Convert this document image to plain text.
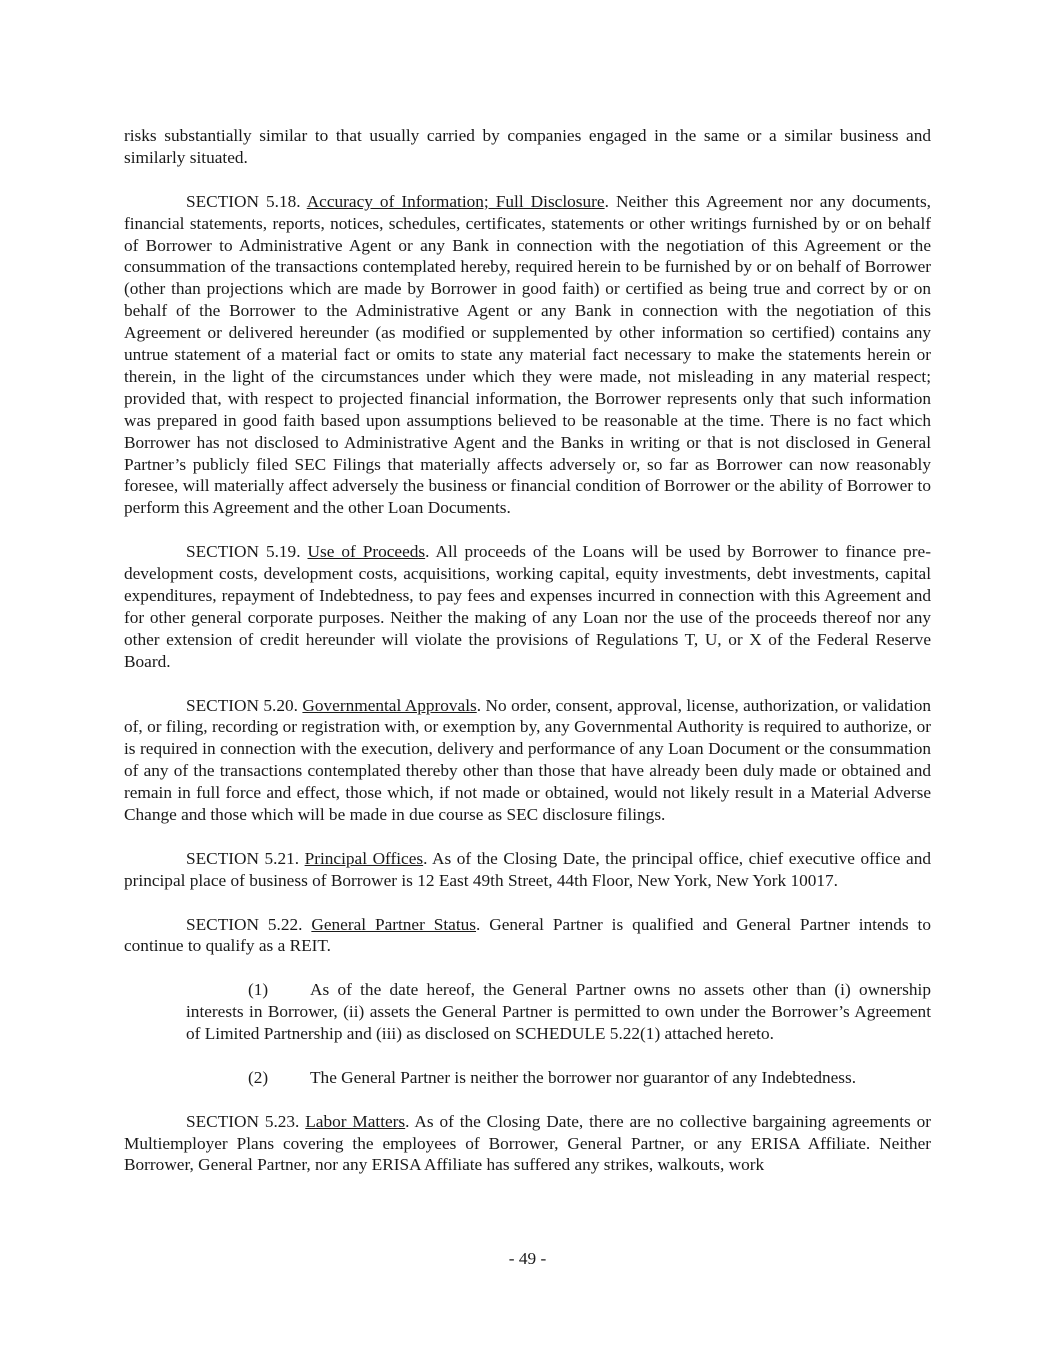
risks substantially similar to that usually carried by companies engaged in the same or a similar business and similarly situated.

SECTION 5.18. Accuracy of Information; Full Disclosure. Neither this Agreement nor any documents, financial statements, reports, notices, schedules, certificates, statements or other writings furnished by or on behalf of Borrower to Administrative Agent or any Bank in connection with the negotiation of this Agreement or the consummation of the transactions contemplated hereby, required herein to be furnished by or on behalf of Borrower (other than projections which are made by Borrower in good faith) or certified as being true and correct by or on behalf of the Borrower to the Administrative Agent or any Bank in connection with the negotiation of this Agreement or delivered hereunder (as modified or supplemented by other information so certified) contains any untrue statement of a material fact or omits to state any material fact necessary to make the statements herein or therein, in the light of the circumstances under which they were made, not misleading in any material respect; provided that, with respect to projected financial information, the Borrower represents only that such information was prepared in good faith based upon assumptions believed to be reasonable at the time. There is no fact which Borrower has not disclosed to Administrative Agent and the Banks in writing or that is not disclosed in General Partner’s publicly filed SEC Filings that materially affects adversely or, so far as Borrower can now reasonably foresee, will materially affect adversely the business or financial condition of Borrower or the ability of Borrower to perform this Agreement and the other Loan Documents.

SECTION 5.19. Use of Proceeds. All proceeds of the Loans will be used by Borrower to finance pre-development costs, development costs, acquisitions, working capital, equity investments, debt investments, capital expenditures, repayment of Indebtedness, to pay fees and expenses incurred in connection with this Agreement and for other general corporate purposes. Neither the making of any Loan nor the use of the proceeds thereof nor any other extension of credit hereunder will violate the provisions of Regulations T, U, or X of the Federal Reserve Board.

SECTION 5.20. Governmental Approvals. No order, consent, approval, license, authorization, or validation of, or filing, recording or registration with, or exemption by, any Governmental Authority is required to authorize, or is required in connection with the execution, delivery and performance of any Loan Document or the consummation of any of the transactions contemplated thereby other than those that have already been duly made or obtained and remain in full force and effect, those which, if not made or obtained, would not likely result in a Material Adverse Change and those which will be made in due course as SEC disclosure filings.

SECTION 5.21. Principal Offices. As of the Closing Date, the principal office, chief executive office and principal place of business of Borrower is 12 East 49th Street, 44th Floor, New York, New York 10017.

SECTION 5.22. General Partner Status. General Partner is qualified and General Partner intends to continue to qualify as a REIT.

(1) As of the date hereof, the General Partner owns no assets other than (i) ownership interests in Borrower, (ii) assets the General Partner is permitted to own under the Borrower’s Agreement of Limited Partnership and (iii) as disclosed on SCHEDULE 5.22(1) attached hereto.

(2) The General Partner is neither the borrower nor guarantor of any Indebtedness.

SECTION 5.23. Labor Matters. As of the Closing Date, there are no collective bargaining agreements or Multiemployer Plans covering the employees of Borrower, General Partner, or any ERISA Affiliate. Neither Borrower, General Partner, nor any ERISA Affiliate has suffered any strikes, walkouts, work

- 49 -
